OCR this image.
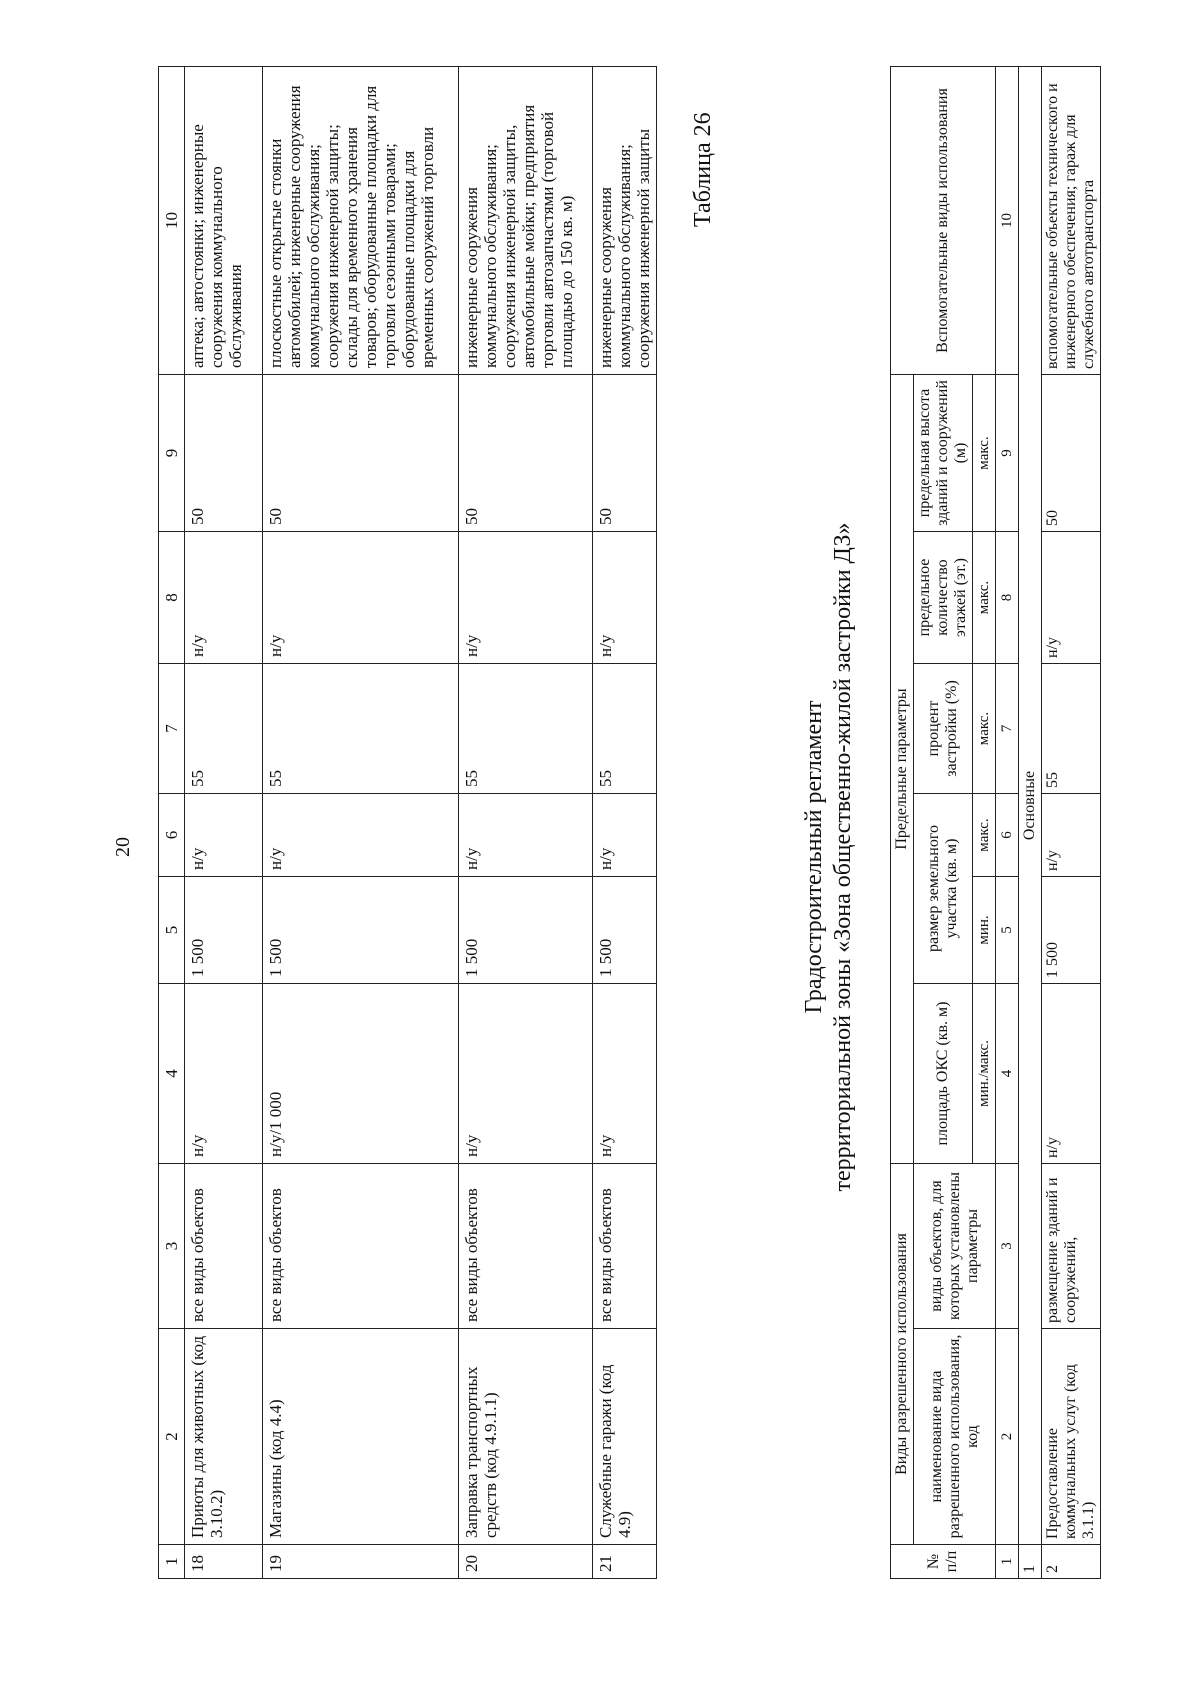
20
1	2	3	4	5	6	7	8	9	10
18	Приюты для животных (код 3.10.2)	все виды объектов	н/у	1 500	н/у	55	н/у	50	аптека; автостоянки; инженерные сооружения коммунального обслуживания
19	Магазины (код 4.4)	все виды объектов	н/у/1 000	1 500	н/у	55	н/у	50	плоскостные открытые стоянки автомобилей; инженерные сооружения коммунального обслуживания; сооружения инженерной защиты; склады для временного хранения товаров; оборудованные площадки для торговли сезонными товарами; оборудованные площадки для временных сооружений торговли
20	Заправка транспортных средств (код 4.9.1.1)	все виды объектов	н/у	1 500	н/у	55	н/у	50	инженерные сооружения коммунального обслуживания; сооружения инженерной защиты, автомобильные мойки; предприятия торговли автозапчастями (торговой площадью до 150 кв. м)
21	Служебные гаражи (код 4.9)	все виды объектов	н/у	1 500	н/у	55	н/у	50	инженерные сооружения коммунального обслуживания; сооружения инженерной защиты Таблица 26
Градостроительный регламент территориальной зоны «Зона общественно-жилой застройки ДЗ»
№ п/п	Виды разрешенного использования		Предельные параметры						Вспомогательные виды использования
	наименование вида разрешенного использования, код	виды объектов, для которых установлены параметры	площадь ОКС (кв. м)	размер земельного участка (кв. м)		процент застройки (%)	предельное количество этажей (эт.)	предельная высота зданий и сооружений (м)	
			мин./макс.	мин.	макс.	макс.	макс.	макс.	
1	2	3	4	5	6	7	8	9	10
1	Основные								
2	Предоставление коммунальных услуг (код 3.1.1)	размещение зданий и сооружений,	н/у	1 500	н/у	55	н/у	50	вспомогательные объекты технического и инженерного обеспечения; гараж для служебного автотранспорта
